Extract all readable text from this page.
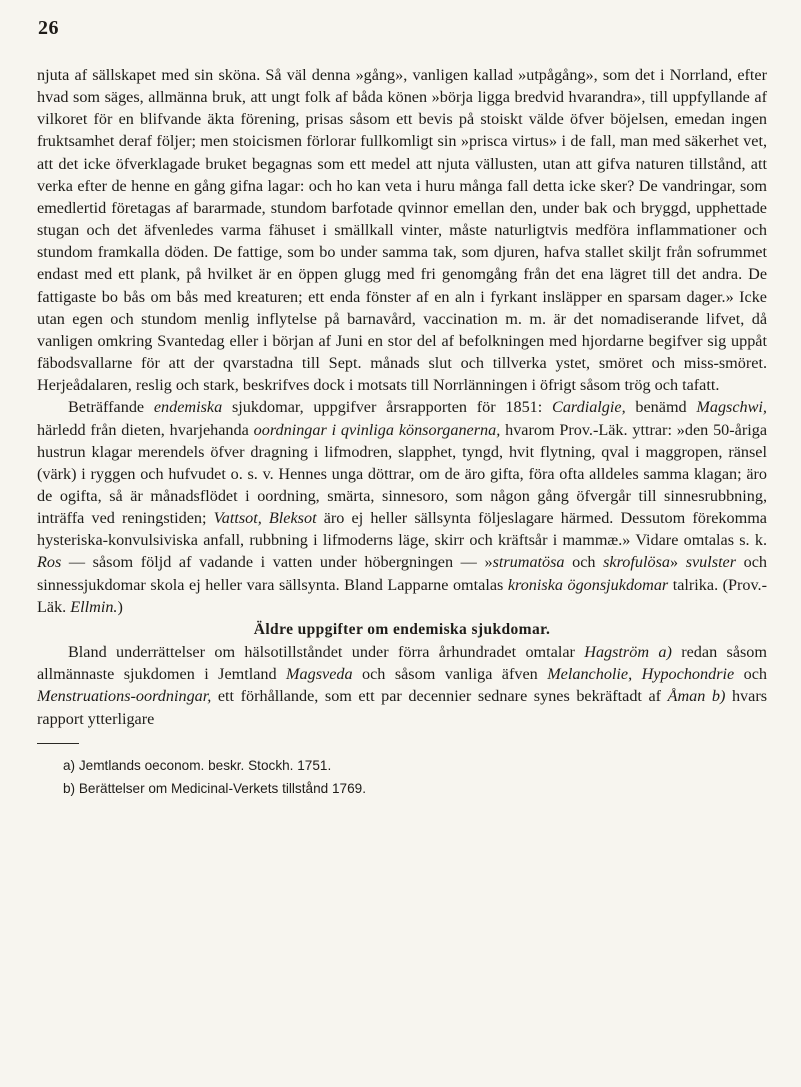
26

njuta af sällskapet med sin sköna. Så väl denna »gång», vanligen kallad »utpågång», som det i Norrland, efter hvad som säges, allmänna bruk, att ungt folk af båda könen »börja ligga bredvid hvarandra», till uppfyllande af vilkoret för en blifvande äkta förening, prisas såsom ett bevis på stoiskt välde öfver böjelsen, emedan ingen fruktsamhet deraf följer; men stoicismen förlorar fullkomligt sin »prisca virtus» i de fall, man med säkerhet vet, att det icke öfverklagade bruket begagnas som ett medel att njuta vällusten, utan att gifva naturen tillstånd, att verka efter de henne en gång gifna lagar: och ho kan veta i huru många fall detta icke sker? De vandringar, som emedlertid företagas af bararmade, stundom barfotade qvinnor emellan den, under bak och bryggd, upphettade stugan och det äfvenledes varma fähuset i smällkall vinter, måste naturligtvis medföra inflammationer och stundom framkalla döden. De fattige, som bo under samma tak, som djuren, hafva stallet skiljt från sofrummet endast med ett plank, på hvilket är en öppen glugg med fri genomgång från det ena lägret till det andra. De fattigaste bo bås om bås med kreaturen; ett enda fönster af en aln i fyrkant insläpper en sparsam dager.» Icke utan egen och stundom menlig inflytelse på barnavård, vaccination m. m. är det nomadiserande lifvet, då vanligen omkring Svantedag eller i början af Juni en stor del af befolkningen med hjordarne begifver sig uppåt fäbodsvallarne för att der qvarstadna till Sept. månads slut och tillverka ystet, smöret och miss-smöret. Herjeådalaren, reslig och stark, beskrifves dock i motsats till Norrlänningen i öfrigt såsom trög och tafatt.

Beträffande endemiska sjukdomar, uppgifver årsrapporten för 1851: Cardialgie, benämd Magschwi, härledd från dieten, hvarjehanda oordningar i qvinliga könsorganerna, hvarom Prov.-Läk. yttrar: »den 50-åriga hustrun klagar merendels öfver dragning i lifmodren, slapphet, tyngd, hvit flytning, qval i maggropen, ränsel (värk) i ryggen och hufvudet o. s. v. Hennes unga döttrar, om de äro gifta, föra ofta alldeles samma klagan; äro de ogifta, så är månadsflödet i oordning, smärta, sinnesoro, som någon gång öfvergår till sinnesrubbning, inträffa ved reningstiden; Vattsot, Bleksot äro ej heller sällsynta följeslagare härmed. Dessutom förekomma hysteriska-konvulsiviska anfall, rubbning i lifmoderns läge, skirr och kräftsår i mammæ.» Vidare omtalas s. k. Ros — såsom följd af vadande i vatten under höbergningen — »strumatösa och skrofulösa» svulster och sinnessjukdomar skola ej heller vara sällsynta. Bland Lapparne omtalas kroniska ögonsjukdomar talrika. (Prov.-Läk. Ellmin.)

Äldre uppgifter om endemiska sjukdomar.

Bland underrättelser om hälsotillståndet under förra århundradet omtalar Hagström a) redan såsom allmännaste sjukdomen i Jemtland Magsveda och såsom vanliga äfven Melancholie, Hypochondrie och Menstruations-oordningar, ett förhållande, som ett par decennier sednare synes bekräftadt af Åman b) hvars rapport ytterligare

a) Jemtlands oeconom. beskr. Stockh. 1751.

b) Berättelser om Medicinal-Verkets tillstånd 1769.
